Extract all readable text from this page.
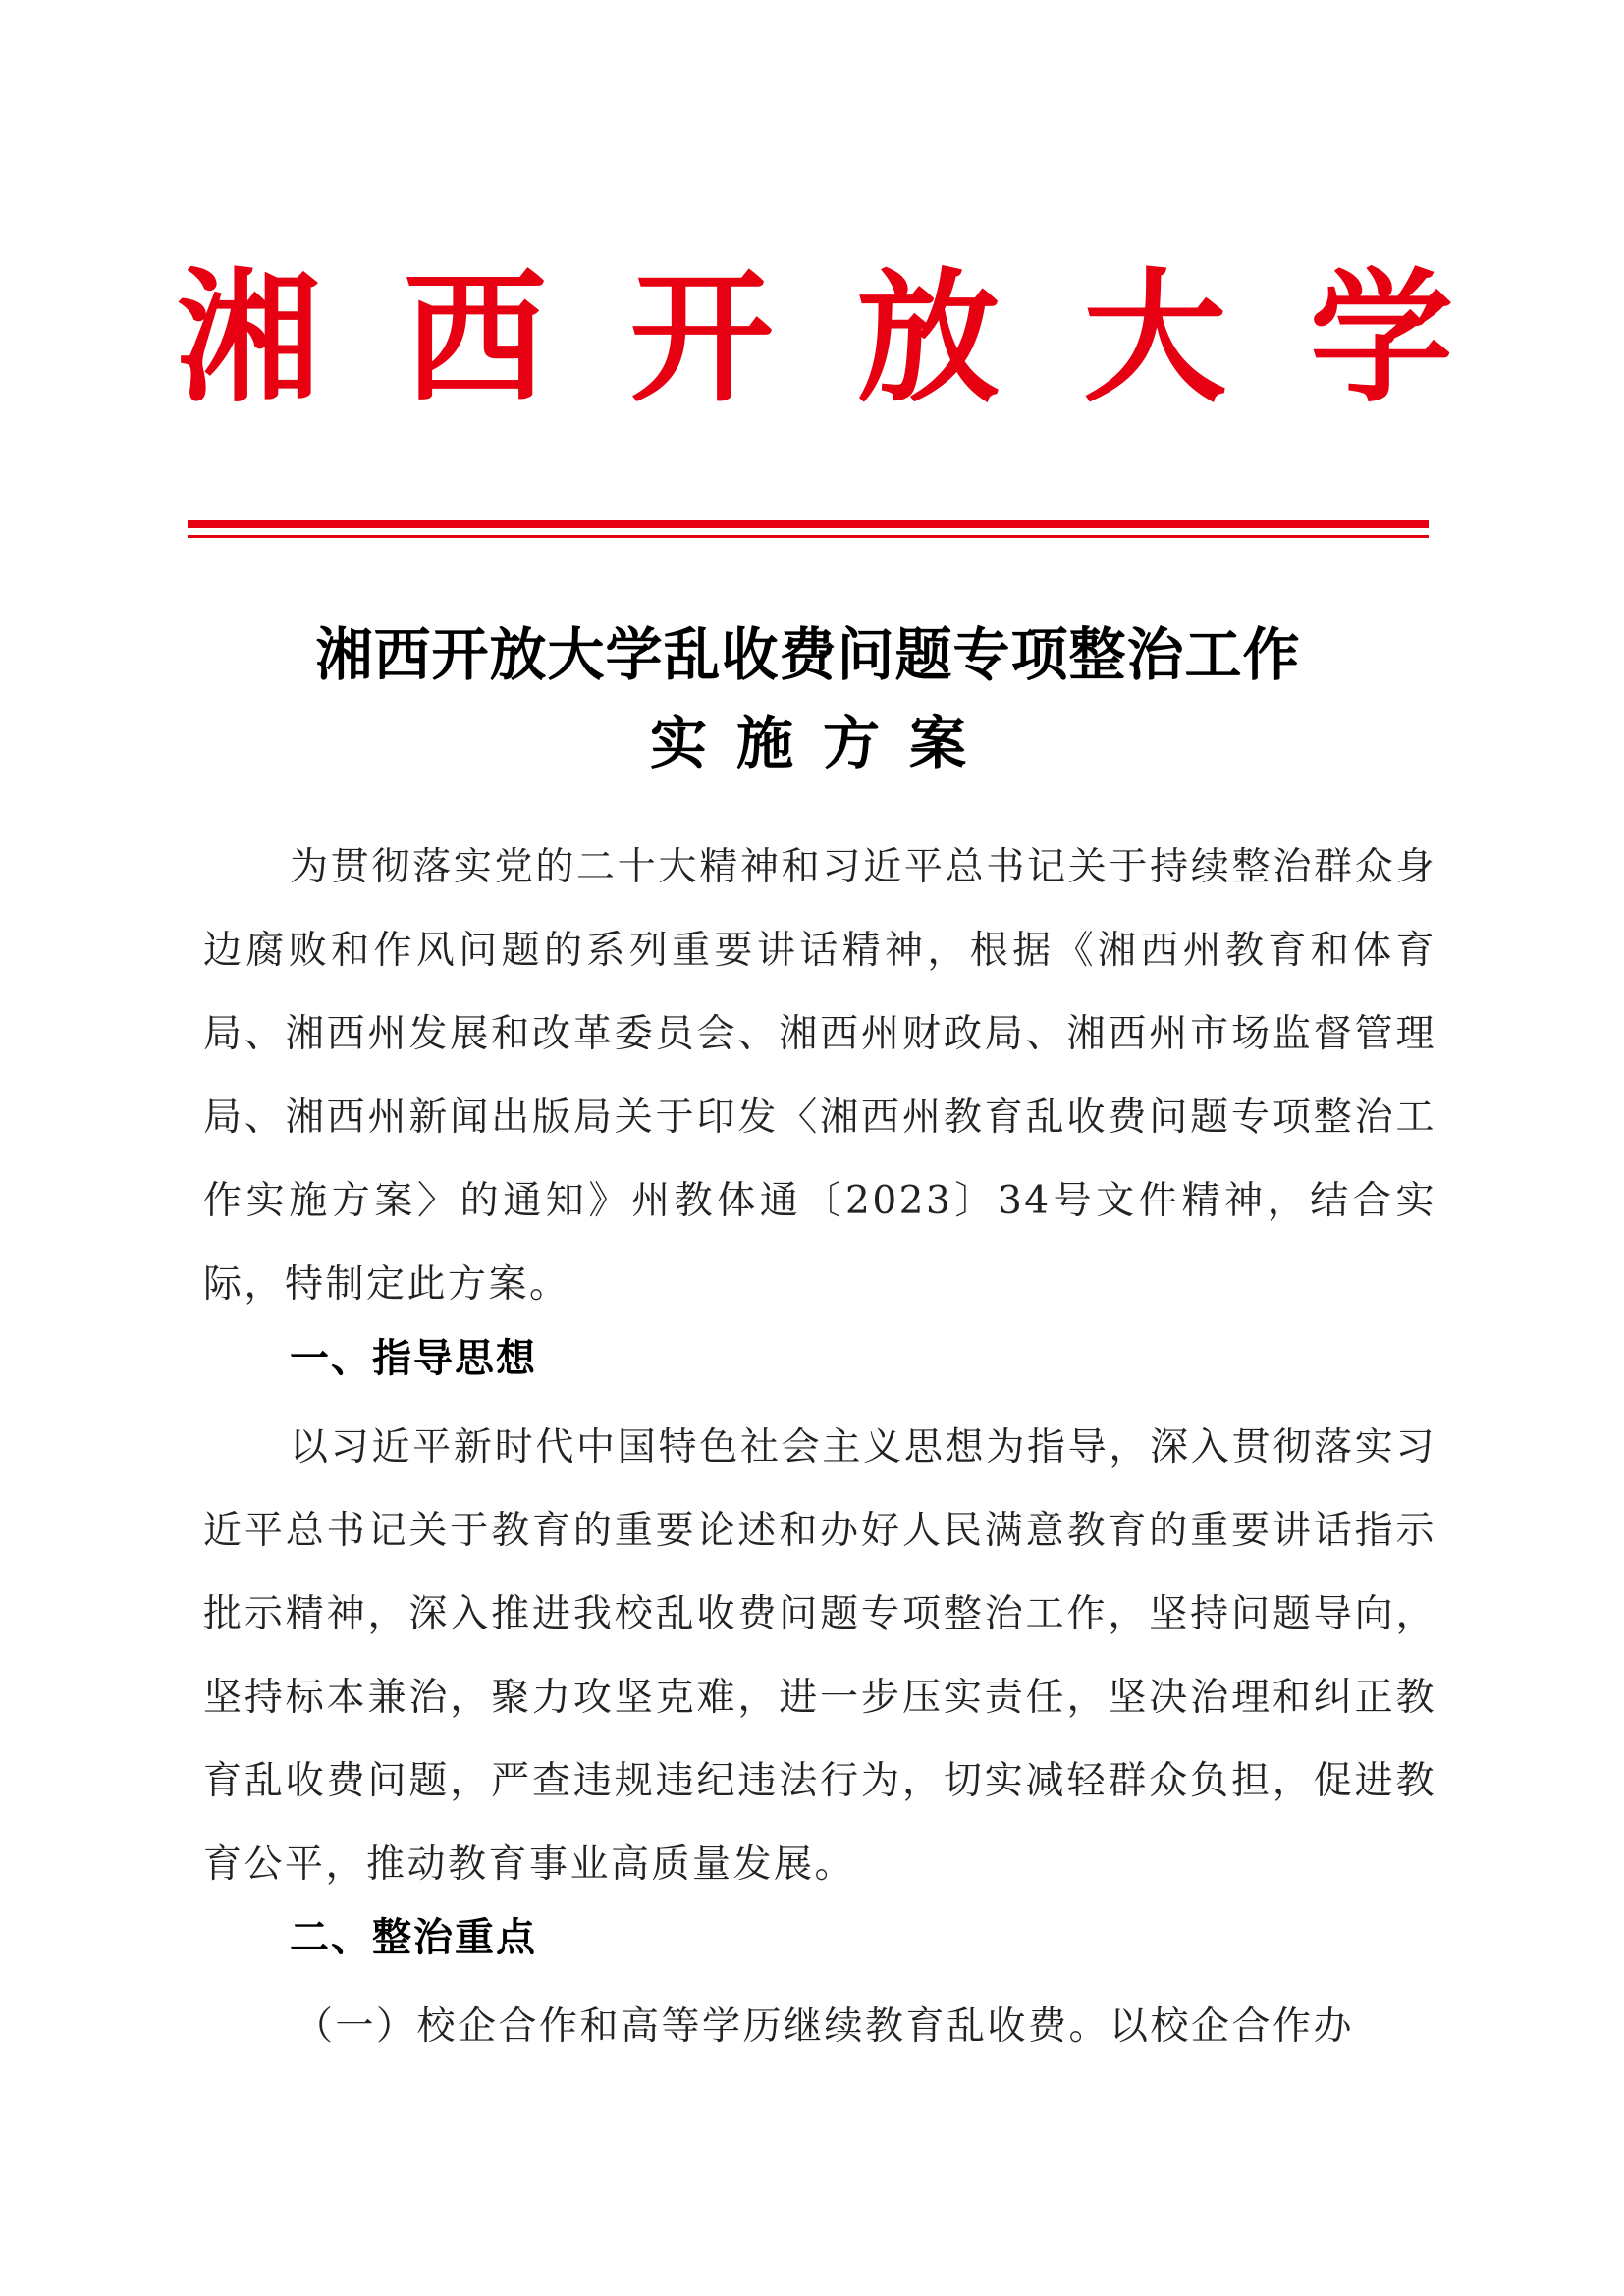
湘 西 开 放 大 学
湘西开放大学乱收费问题专项整治工作
实施方案

为贯彻落实党的二十大精神和习近平总书记关于持续整治群众身边腐败和作风问题的系列重要讲话精神，根据《湘西州教育和体育局、湘西州发展和改革委员会、湘西州财政局、湘西州市场监督管理局、湘西州新闻出版局关于印发〈湘西州教育乱收费问题专项整治工作实施方案〉的通知》州教体通〔2023〕34号文件精神，结合实际，特制定此方案。

一、指导思想

以习近平新时代中国特色社会主义思想为指导，深入贯彻落实习近平总书记关于教育的重要论述和办好人民满意教育的重要讲话指示批示精神，深入推进我校乱收费问题专项整治工作，坚持问题导向，坚持标本兼治，聚力攻坚克难，进一步压实责任，坚决治理和纠正教育乱收费问题，严查违规违纪违法行为，切实减轻群众负担，促进教育公平，推动教育事业高质量发展。

二、整治重点

（一）校企合作和高等学历继续教育乱收费。以校企合作办
